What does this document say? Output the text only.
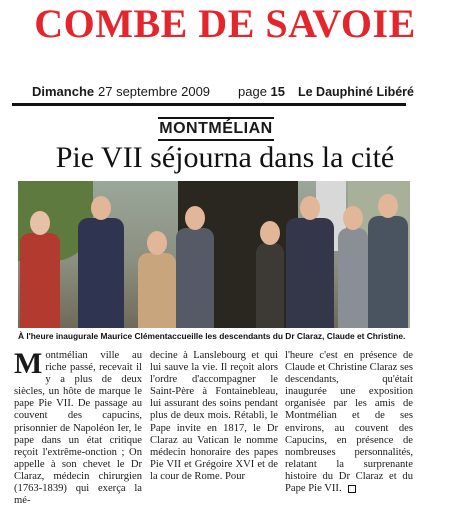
COMBE DE SAVOIE
Dimanche 27 septembre 2009 page 15 Le Dauphiné Libéré
MONTMÉLIAN
Pie VII séjourna dans la cité
À l'heure inaugurale Maurice Clémentaccueille les descendants du Dr Claraz, Claude et Christine.
Montmélian ville au riche passé, recevait il y a plus de deux siècles, un hôte de marque le pape Pie VII. De passage au couvent des capucins, prisonnier de Napoléon Ier, le pape dans un état critique reçoit l'extrême-onction ; On appelle à son chevet le Dr Claraz, médecin chirurgien (1763-1839) qui exerça la mé-
decine à Lanslebourg et qui lui sauve la vie. Il reçoit alors l'ordre d'accompagner le Saint-Père à Fontainebleau, lui assurant des soins pendant plus de deux mois. Rétabli, le Pape invite en 1817, le Dr Claraz au Vatican le nomme médecin honoraire des papes Pie VII et Grégoire XVI et de la cour de Rome. Pour
l'heure c'est en présence de Claude et Christine Claraz ses descendants, qu'était inaugurée une exposition organisée par les amis de Montmélian et de ses environs, au couvent des Capucins, en présence de nombreuses personnalités, relatant la surprenante histoire du Dr Claraz et du Pape Pie VII.
